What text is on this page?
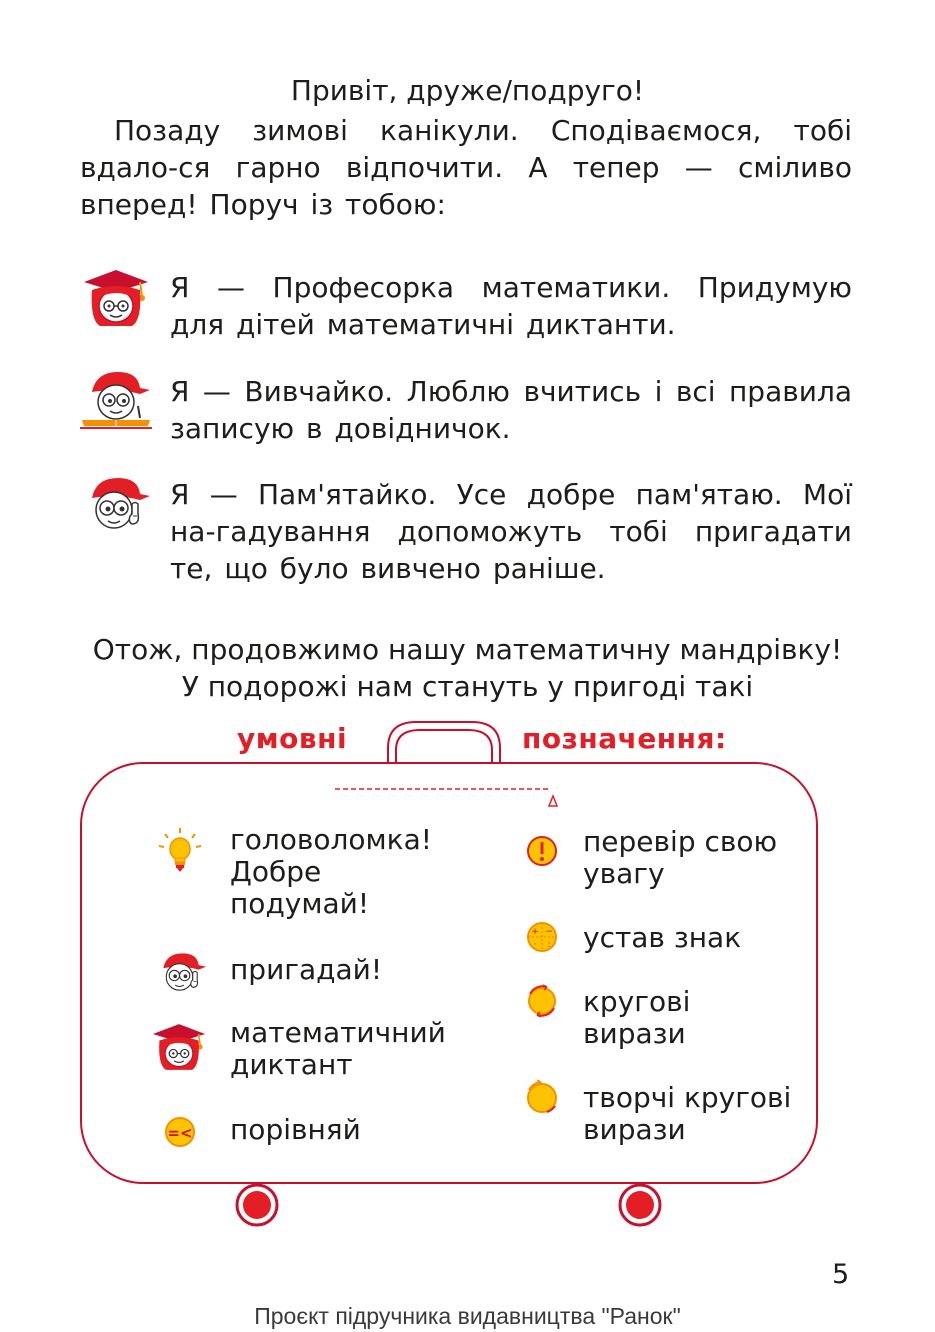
Привіт, друже/подруго!
Позаду зимові канікули. Сподіваємося, тобі вдало-ся гарно відпочити. А тепер — сміливо вперед! Поруч із тобою:
Я — Професорка математики. Придумую для дітей математичні диктанти.
Я — Вивчайко. Люблю вчитись і всі правила записую в довідничок.
Я — Пам'ятайко. Усе добре пам'ятаю. Мої на-гадування допоможуть тобі пригадати те, що було вивчено раніше.
Отож, продовжимо нашу математичну мандрівку!
У подорожі нам стануть у пригоді такі
умовні	позначення:
головоломка! Добре подумай!
пригадай!
математичний диктант
порівняй
перевір свою увагу
устав знак
кругові вирази
творчі кругові вирази
5
Проєкт підручника видавництва "Ранок"
